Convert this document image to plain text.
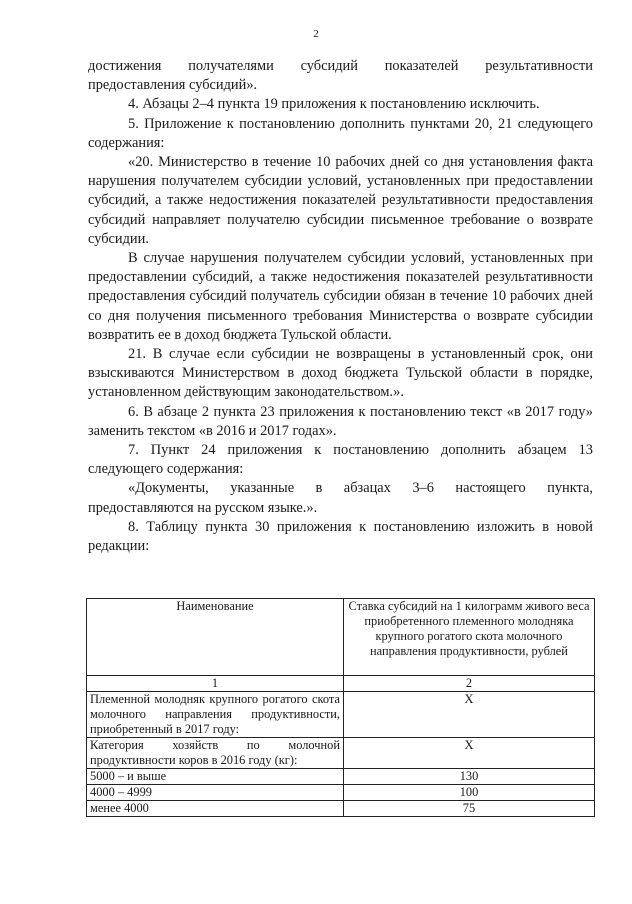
2

достижения получателями субсидий показателей результативности предоставления субсидий».

4. Абзацы 2–4 пункта 19 приложения к постановлению исключить.

5. Приложение к постановлению дополнить пунктами 20, 21 следующего содержания:

«20. Министерство в течение 10 рабочих дней со дня установления факта нарушения получателем субсидии условий, установленных при предоставлении субсидий, а также недостижения показателей результативности предоставления субсидий направляет получателю субсидии письменное требование о возврате субсидии.

В случае нарушения получателем субсидии условий, установленных при предоставлении субсидий, а также недостижения показателей результативности предоставления субсидий получатель субсидии обязан в течение 10 рабочих дней со дня получения письменного требования Министерства о возврате субсидии возвратить ее в доход бюджета Тульской области.

21. В случае если субсидии не возвращены в установленный срок, они взыскиваются Министерством в доход бюджета Тульской области в порядке, установленном действующим законодательством.».

6. В абзаце 2 пункта 23 приложения к постановлению текст «в 2017 году» заменить текстом «в 2016 и 2017 годах».

7. Пункт 24 приложения к постановлению дополнить абзацем 13 следующего содержания:

«Документы, указанные в абзацах 3–6 настоящего пункта, предоставляются на русском языке.».

8. Таблицу пункта 30 приложения к постановлению изложить в новой редакции:

Наименование	Ставка субсидий на 1 килограмм живого веса приобретенного племенного молодняка крупного рогатого скота молочного направления продуктивности, рублей
1	2
Племенной молодняк крупного рогатого скота молочного направления продуктивности, приобретенный в 2017 году:	Х
Категория хозяйств по молочной продуктивности коров в 2016 году (кг):	Х
5000 – и выше	130
4000 – 4999	100
менее 4000	75
